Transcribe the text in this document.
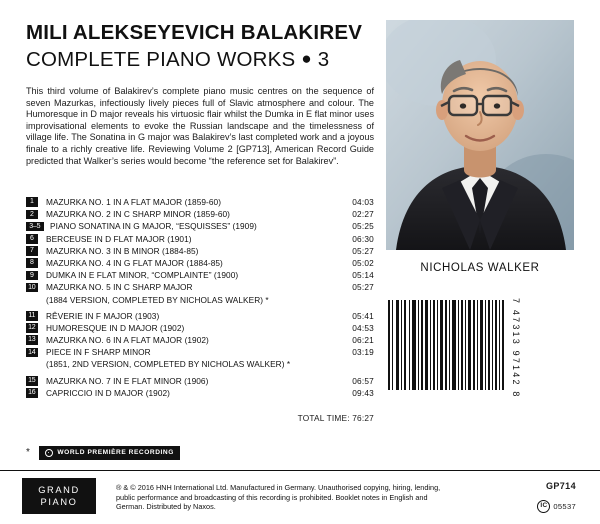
MILI ALEKSEYEVICH BALAKIREV
COMPLETE PIANO WORKS ● 3
This third volume of Balakirev’s complete piano music centres on the sequence of seven Mazurkas, infectiously lively pieces full of Slavic atmosphere and colour. The Humoresque in D major reveals his virtuosic flair whilst the Dumka in E flat minor uses improvisational elements to evoke the Russian landscape and the timelessness of village life. The Sonatina in G major was Balakirev’s last completed work and a joyous finale to a richly creative life. Reviewing Volume 2 [GP713], American Record Guide predicted that Walker’s series would become “the reference set for Balakirev”.
NICHOLAS WALKER
1	MAZURKA NO. 1 IN A FLAT MAJOR (1859-60)	04:03
2	MAZURKA NO. 2 IN C SHARP MINOR (1859-60)	02:27
3–5	PIANO SONATINA IN G MAJOR, “ESQUISSES” (1909)	05:25
6	BERCEUSE IN D FLAT MAJOR (1901)	06:30
7	MAZURKA NO. 3 IN B MINOR (1884-85)	05:27
8	MAZURKA NO. 4 IN G FLAT MAJOR (1884-85)	05:02
9	DUMKA IN E FLAT MINOR, “COMPLAINTE” (1900)	05:14
10 MAZURKA NO. 5 IN C SHARP MAJOR	05:27
(1884 VERSION, COMPLETED BY NICHOLAS WALKER) *
11 RÊVERIE IN F MAJOR (1903)	05:41
12 HUMORESQUE IN D MAJOR (1902)	04:53
13 MAZURKA NO. 6 IN A FLAT MAJOR (1902)	06:21
14 PIECE IN F SHARP MINOR	03:19
(1851, 2ND VERSION, COMPLETED BY NICHOLAS WALKER) *
15 MAZURKA NO. 7 IN E FLAT MINOR (1906)	06:57
16 CAPRICCIO IN D MAJOR (1902)	09:43
TOTAL TIME: 76:27
*	WORLD PREMIÈRE RECORDING
7 47313 97142 8
GRAND
PIANO
® & © 2016 HNH International Ltd. Manufactured in Germany. Unauthorised copying, hiring, lending, public performance and broadcasting of this recording is prohibited. Booklet notes in English and German. Distributed by Naxos.
GP714
IC 05537
